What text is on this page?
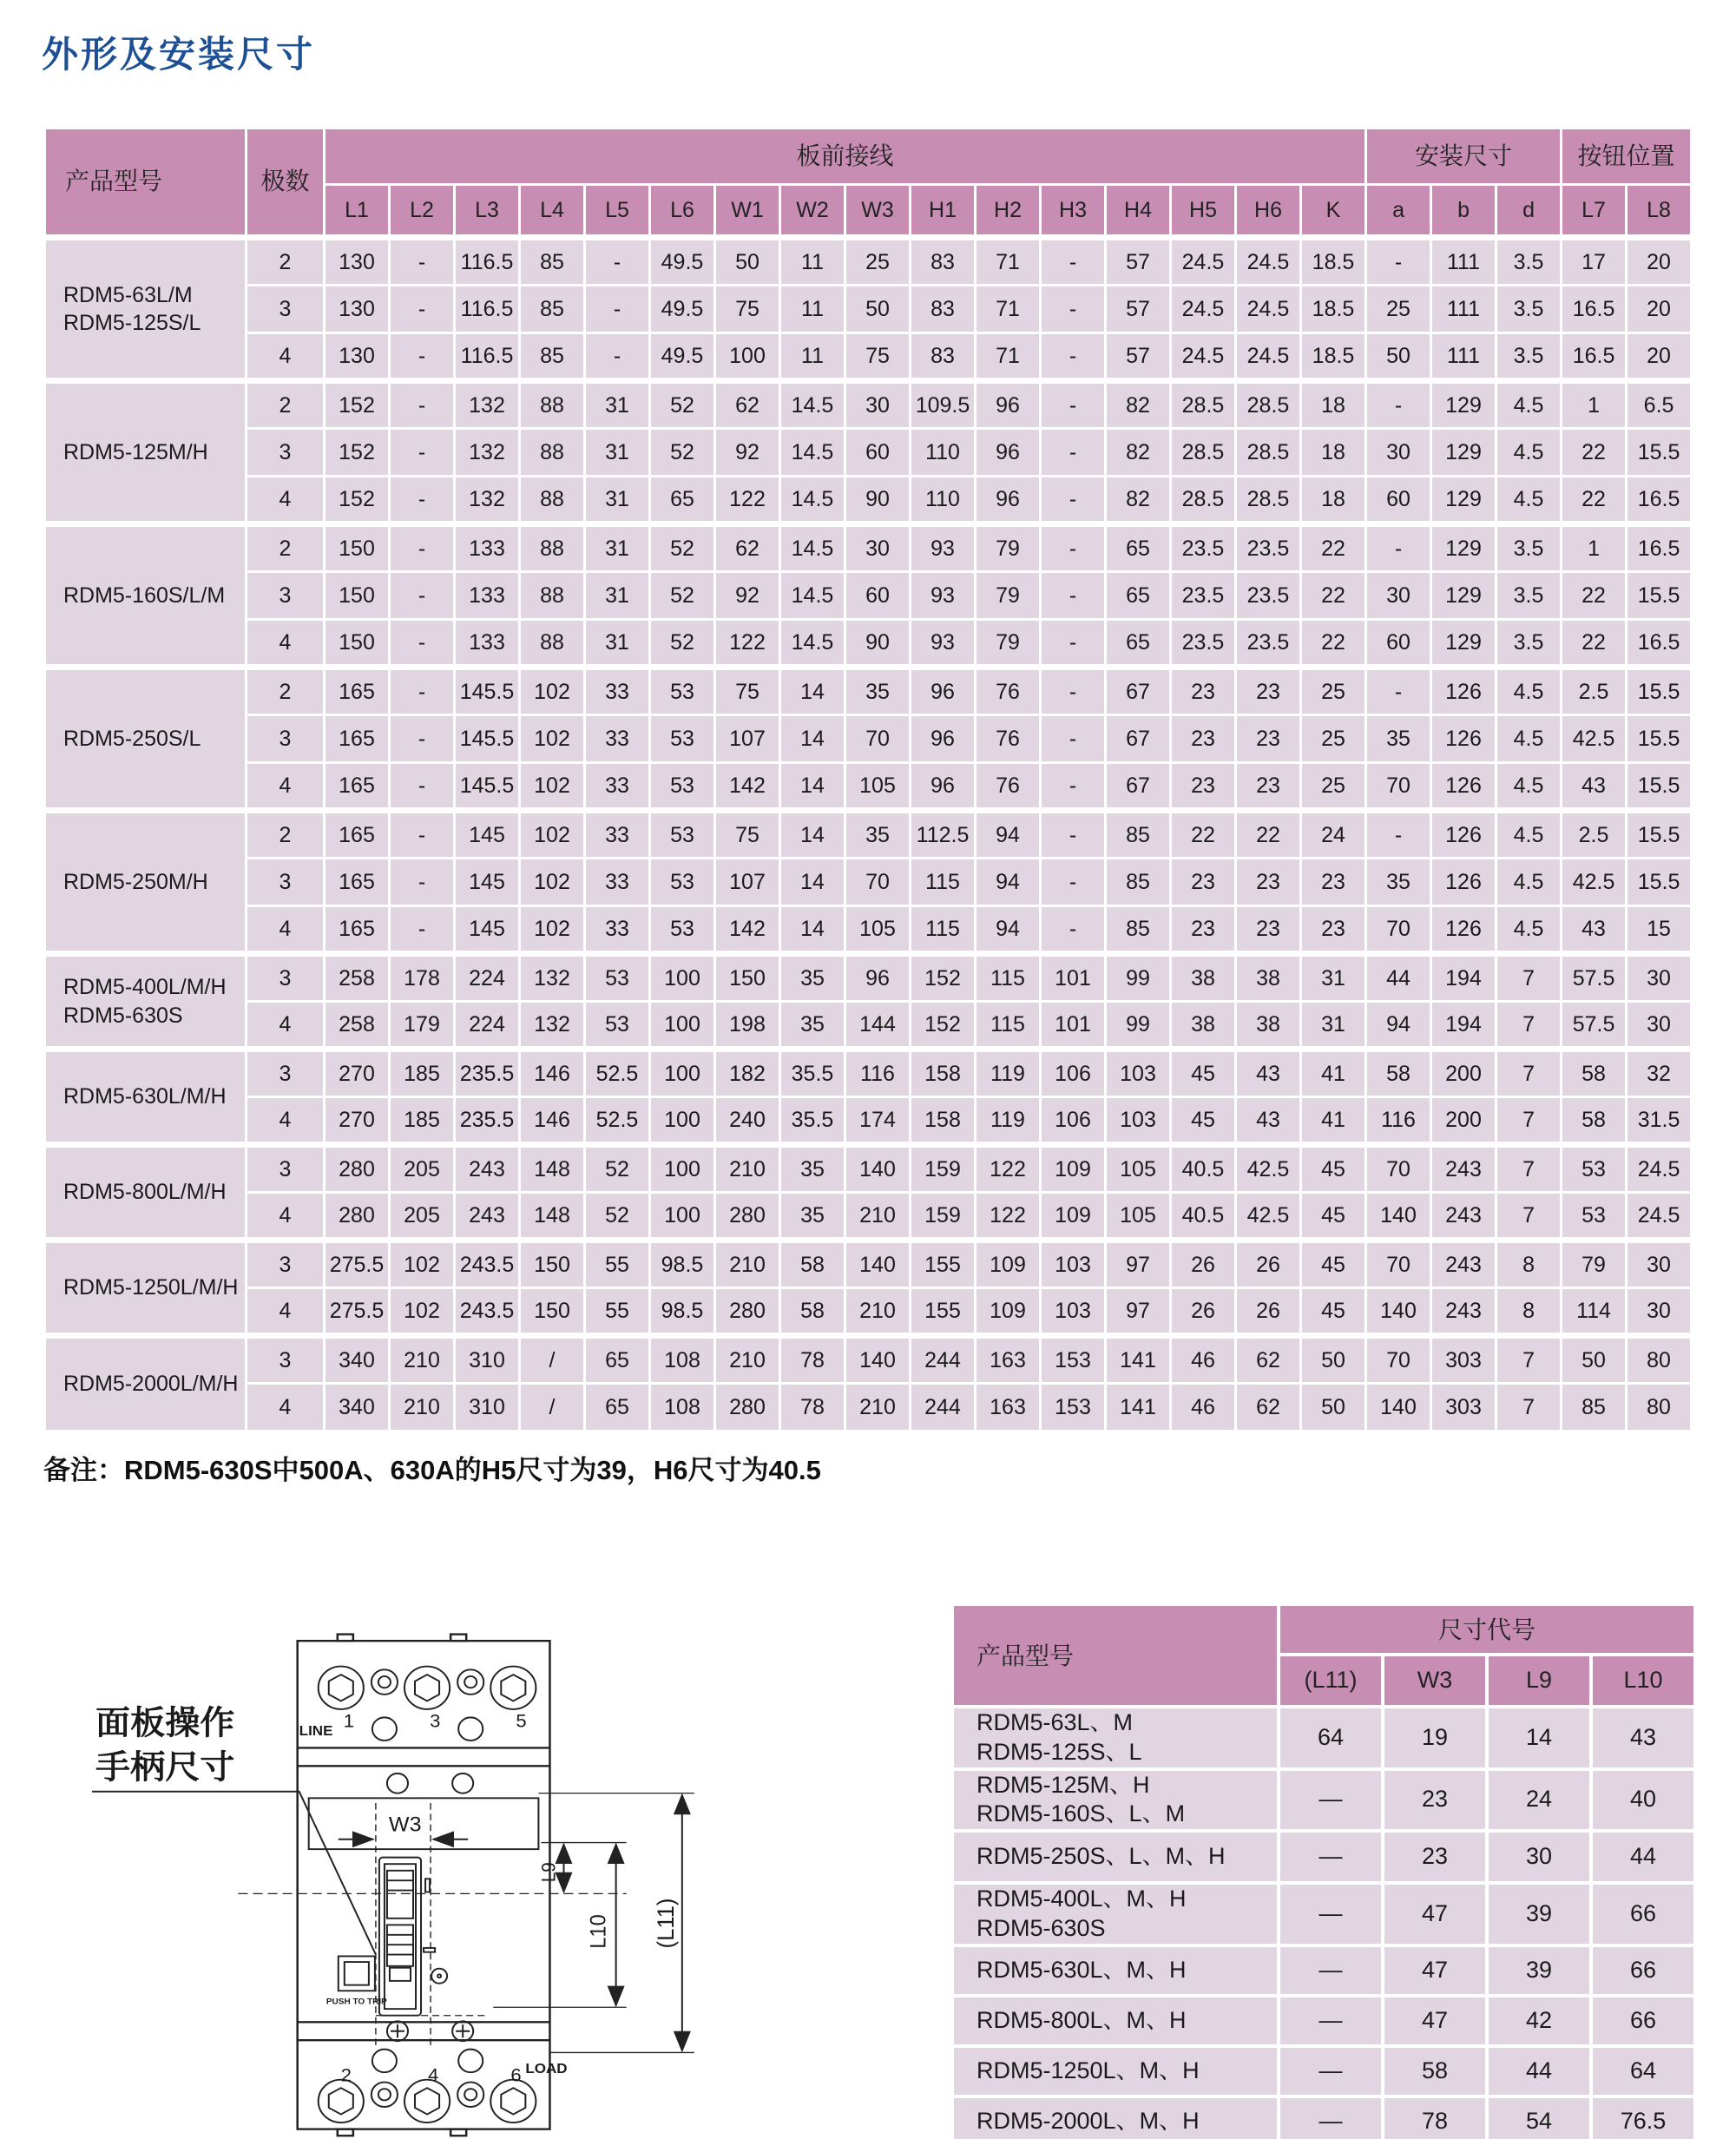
外形及安装尺寸
产品型号	极数	板前接线																安装尺寸			按钮位置	
		L1	L2	L3	L4	L5	L6	W1	W2	W3	H1	H2	H3	H4	H5	H6	K	a	b	d	L7	L8
RDM5-63L/M
RDM5-125S/L	2	130	-	116.5	85	-	49.5	50	11	25	83	71	-	57	24.5	24.5	18.5	-	111	3.5	17	20
	3	130	-	116.5	85	-	49.5	75	11	50	83	71	-	57	24.5	24.5	18.5	25	111	3.5	16.5	20
	4	130	-	116.5	85	-	49.5	100	11	75	83	71	-	57	24.5	24.5	18.5	50	111	3.5	16.5	20
RDM5-125M/H	2	152	-	132	88	31	52	62	14.5	30	109.5	96	-	82	28.5	28.5	18	-	129	4.5	1	6.5
	3	152	-	132	88	31	52	92	14.5	60	110	96	-	82	28.5	28.5	18	30	129	4.5	22	15.5
	4	152	-	132	88	31	65	122	14.5	90	110	96	-	82	28.5	28.5	18	60	129	4.5	22	16.5
RDM5-160S/L/M	2	150	-	133	88	31	52	62	14.5	30	93	79	-	65	23.5	23.5	22	-	129	3.5	1	16.5
	3	150	-	133	88	31	52	92	14.5	60	93	79	-	65	23.5	23.5	22	30	129	3.5	22	15.5
	4	150	-	133	88	31	52	122	14.5	90	93	79	-	65	23.5	23.5	22	60	129	3.5	22	16.5
RDM5-250S/L	2	165	-	145.5	102	33	53	75	14	35	96	76	-	67	23	23	25	-	126	4.5	2.5	15.5
	3	165	-	145.5	102	33	53	107	14	70	96	76	-	67	23	23	25	35	126	4.5	42.5	15.5
	4	165	-	145.5	102	33	53	142	14	105	96	76	-	67	23	23	25	70	126	4.5	43	15.5
RDM5-250M/H	2	165	-	145	102	33	53	75	14	35	112.5	94	-	85	22	22	24	-	126	4.5	2.5	15.5
	3	165	-	145	102	33	53	107	14	70	115	94	-	85	23	23	23	35	126	4.5	42.5	15.5
	4	165	-	145	102	33	53	142	14	105	115	94	-	85	23	23	23	70	126	4.5	43	15
RDM5-400L/M/H
RDM5-630S	3	258	178	224	132	53	100	150	35	96	152	115	101	99	38	38	31	44	194	7	57.5	30
	4	258	179	224	132	53	100	198	35	144	152	115	101	99	38	38	31	94	194	7	57.5	30
RDM5-630L/M/H	3	270	185	235.5	146	52.5	100	182	35.5	116	158	119	106	103	45	43	41	58	200	7	58	32
	4	270	185	235.5	146	52.5	100	240	35.5	174	158	119	106	103	45	43	41	116	200	7	58	31.5
RDM5-800L/M/H	3	280	205	243	148	52	100	210	35	140	159	122	109	105	40.5	42.5	45	70	243	7	53	24.5
	4	280	205	243	148	52	100	280	35	210	159	122	109	105	40.5	42.5	45	140	243	7	53	24.5
RDM5-1250L/M/H	3	275.5	102	243.5	150	55	98.5	210	58	140	155	109	103	97	26	26	45	70	243	8	79	30
	4	275.5	102	243.5	150	55	98.5	280	58	210	155	109	103	97	26	26	45	140	243	8	114	30
RDM5-2000L/M/H	3	340	210	310	/	65	108	210	78	140	244	163	153	141	46	62	50	70	303	7	50	80
	4	340	210	310	/	65	108	280	78	210	244	163	153	141	46	62	50	140	303	7	85	80
备注：RDM5-630S中500A、630A的H5尺寸为39，H6尺寸为40.5
面板操作
手柄尺寸
LINE 1	3	5
W3
PUSH TO TRIP
2	4	6 LOAD
L9
L10 (L11)
产品型号	尺寸代号			
	(L11)	W3	L9	L10
RDM5-63L、M
RDM5-125S、L	64	19	14	43
RDM5-125M、H
RDM5-160S、L、M	—	23	24	40
RDM5-250S、L、M、H	—	23	30	44
RDM5-400L、M、H
RDM5-630S	—	47	39	66
RDM5-630L、M、H	—	47	39	66
RDM5-800L、M、H	—	47	42	66
RDM5-1250L、M、H	—	58	44	64
RDM5-2000L、M、H	—	78	54	76.5
